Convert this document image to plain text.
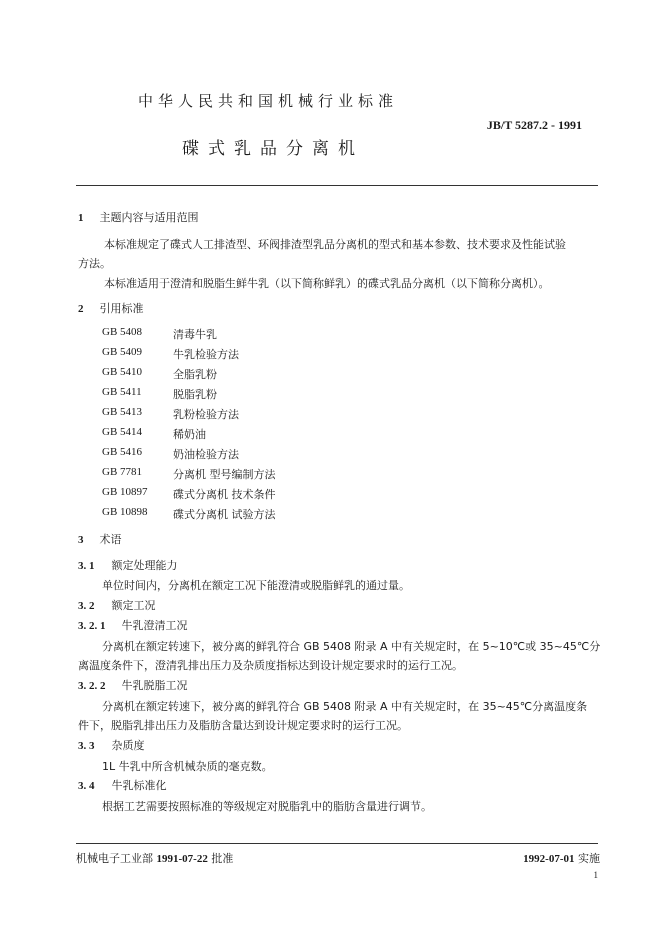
中华人民共和国机械行业标准
JB/T 5287.2 - 1991
碟式乳品分离机
1 主题内容与适用范围
本标准规定了碟式人工排渣型、环阀排渣型乳品分离机的型式和基本参数、技术要求及性能试验
方法。
本标准适用于澄清和脱脂生鲜牛乳（以下简称鲜乳）的碟式乳品分离机（以下简称分离机）。
2 引用标准
GB 5408	清毒牛乳
GB 5409	牛乳检验方法
GB 5410	全脂乳粉
GB 5411	脱脂乳粉
GB 5413	乳粉检验方法
GB 5414	稀奶油
GB 5416	奶油检验方法
GB 7781	分离机 型号编制方法
GB 10897 碟式分离机 技术条件
GB 10898 碟式分离机 试验方法
3 术语
3. 1 额定处理能力
单位时间内，分离机在额定工况下能澄清或脱脂鲜乳的通过量。
3. 2 额定工况
3. 2. 1 牛乳澄清工况
分离机在额定转速下，被分离的鲜乳符合 GB 5408 附录 A 中有关规定时，在 5~10℃或 35~45℃分
离温度条件下，澄清乳排出压力及杂质度指标达到设计规定要求时的运行工况。
3. 2. 2 牛乳脱脂工况
分离机在额定转速下，被分离的鲜乳符合 GB 5408 附录 A 中有关规定时，在 35~45℃分离温度条
件下，脱脂乳排出压力及脂肪含量达到设计规定要求时的运行工况。
3. 3 杂质度
1L 牛乳中所含机械杂质的毫克数。
3. 4 牛乳标准化
根据工艺需要按照标准的等级规定对脱脂乳中的脂肪含量进行调节。
机械电子工业部 1991-07-22 批准	1992-07-01 实施
1
